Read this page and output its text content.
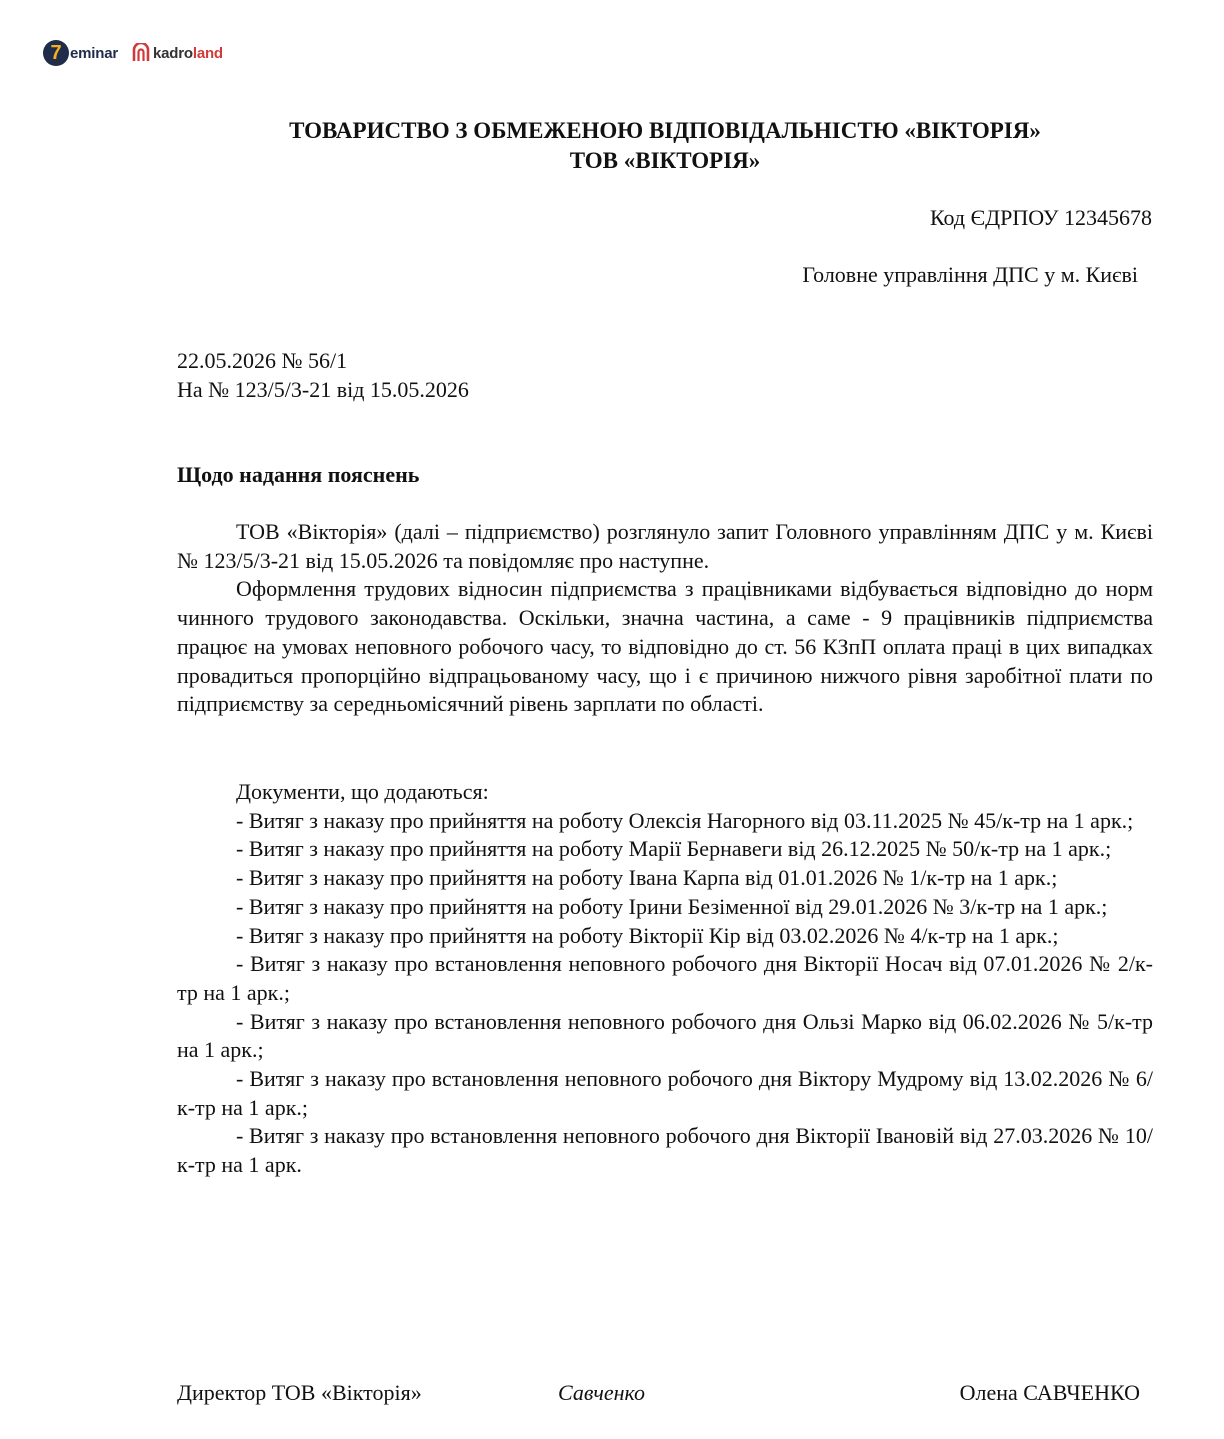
7 eminar kadroland
ТОВАРИСТВО З ОБМЕЖЕНОЮ ВІДПОВІДАЛЬНІСТЮ «ВІКТОРІЯ»
ТОВ «ВІКТОРІЯ»
Код ЄДРПОУ 12345678
Головне управління ДПС у м. Києві
22.05.2026 № 56/1
На № 123/5/3-21 від 15.05.2026
Щодо надання пояснень

ТОВ «Вікторія» (далі – підприємство) розглянуло запит Головного управлінням ДПС у м. Києві № 123/5/3-21 від 15.05.2026 та повідомляє про наступне.

Оформлення трудових відносин підприємства з працівниками відбувається відповідно до норм чинного трудового законодавства. Оскільки, значна частина, а саме - 9 працівників підприємства працює на умовах неповного робочого часу, то відповідно до ст. 56 КЗпП оплата праці в цих випадках провадиться пропорційно відпрацьованому часу, що і є причиною нижчого рівня заробітної плати по підприємству за середньомісячний рівень зарплати по області.

Документи, що додаються:

- Витяг з наказу про прийняття на роботу Олексія Нагорного від 03.11.2025 № 45/к-тр на 1 арк.;

- Витяг з наказу про прийняття на роботу Марії Бернавеги від 26.12.2025 № 50/к-тр на 1 арк.;

- Витяг з наказу про прийняття на роботу Івана Карпа від 01.01.2026 № 1/к-тр на 1 арк.;

- Витяг з наказу про прийняття на роботу Ірини Безіменної від 29.01.2026 № 3/к-тр на 1 арк.;

- Витяг з наказу про прийняття на роботу Вікторії Кір від 03.02.2026 № 4/к-тр на 1 арк.;

- Витяг з наказу про встановлення неповного робочого дня Вікторії Носач від 07.01.2026 № 2/к-тр на 1 арк.;

- Витяг з наказу про встановлення неповного робочого дня Ользі Марко від 06.02.2026 № 5/к-тр на 1 арк.;

- Витяг з наказу про встановлення неповного робочого дня Віктору Мудрому від 13.02.2026 № 6/к-тр на 1 арк.;

- Витяг з наказу про встановлення неповного робочого дня Вікторії Івановій від 27.03.2026 № 10/к-тр на 1 арк.

Директор ТОВ «Вікторія»	Савченко	Олена САВЧЕНКО
